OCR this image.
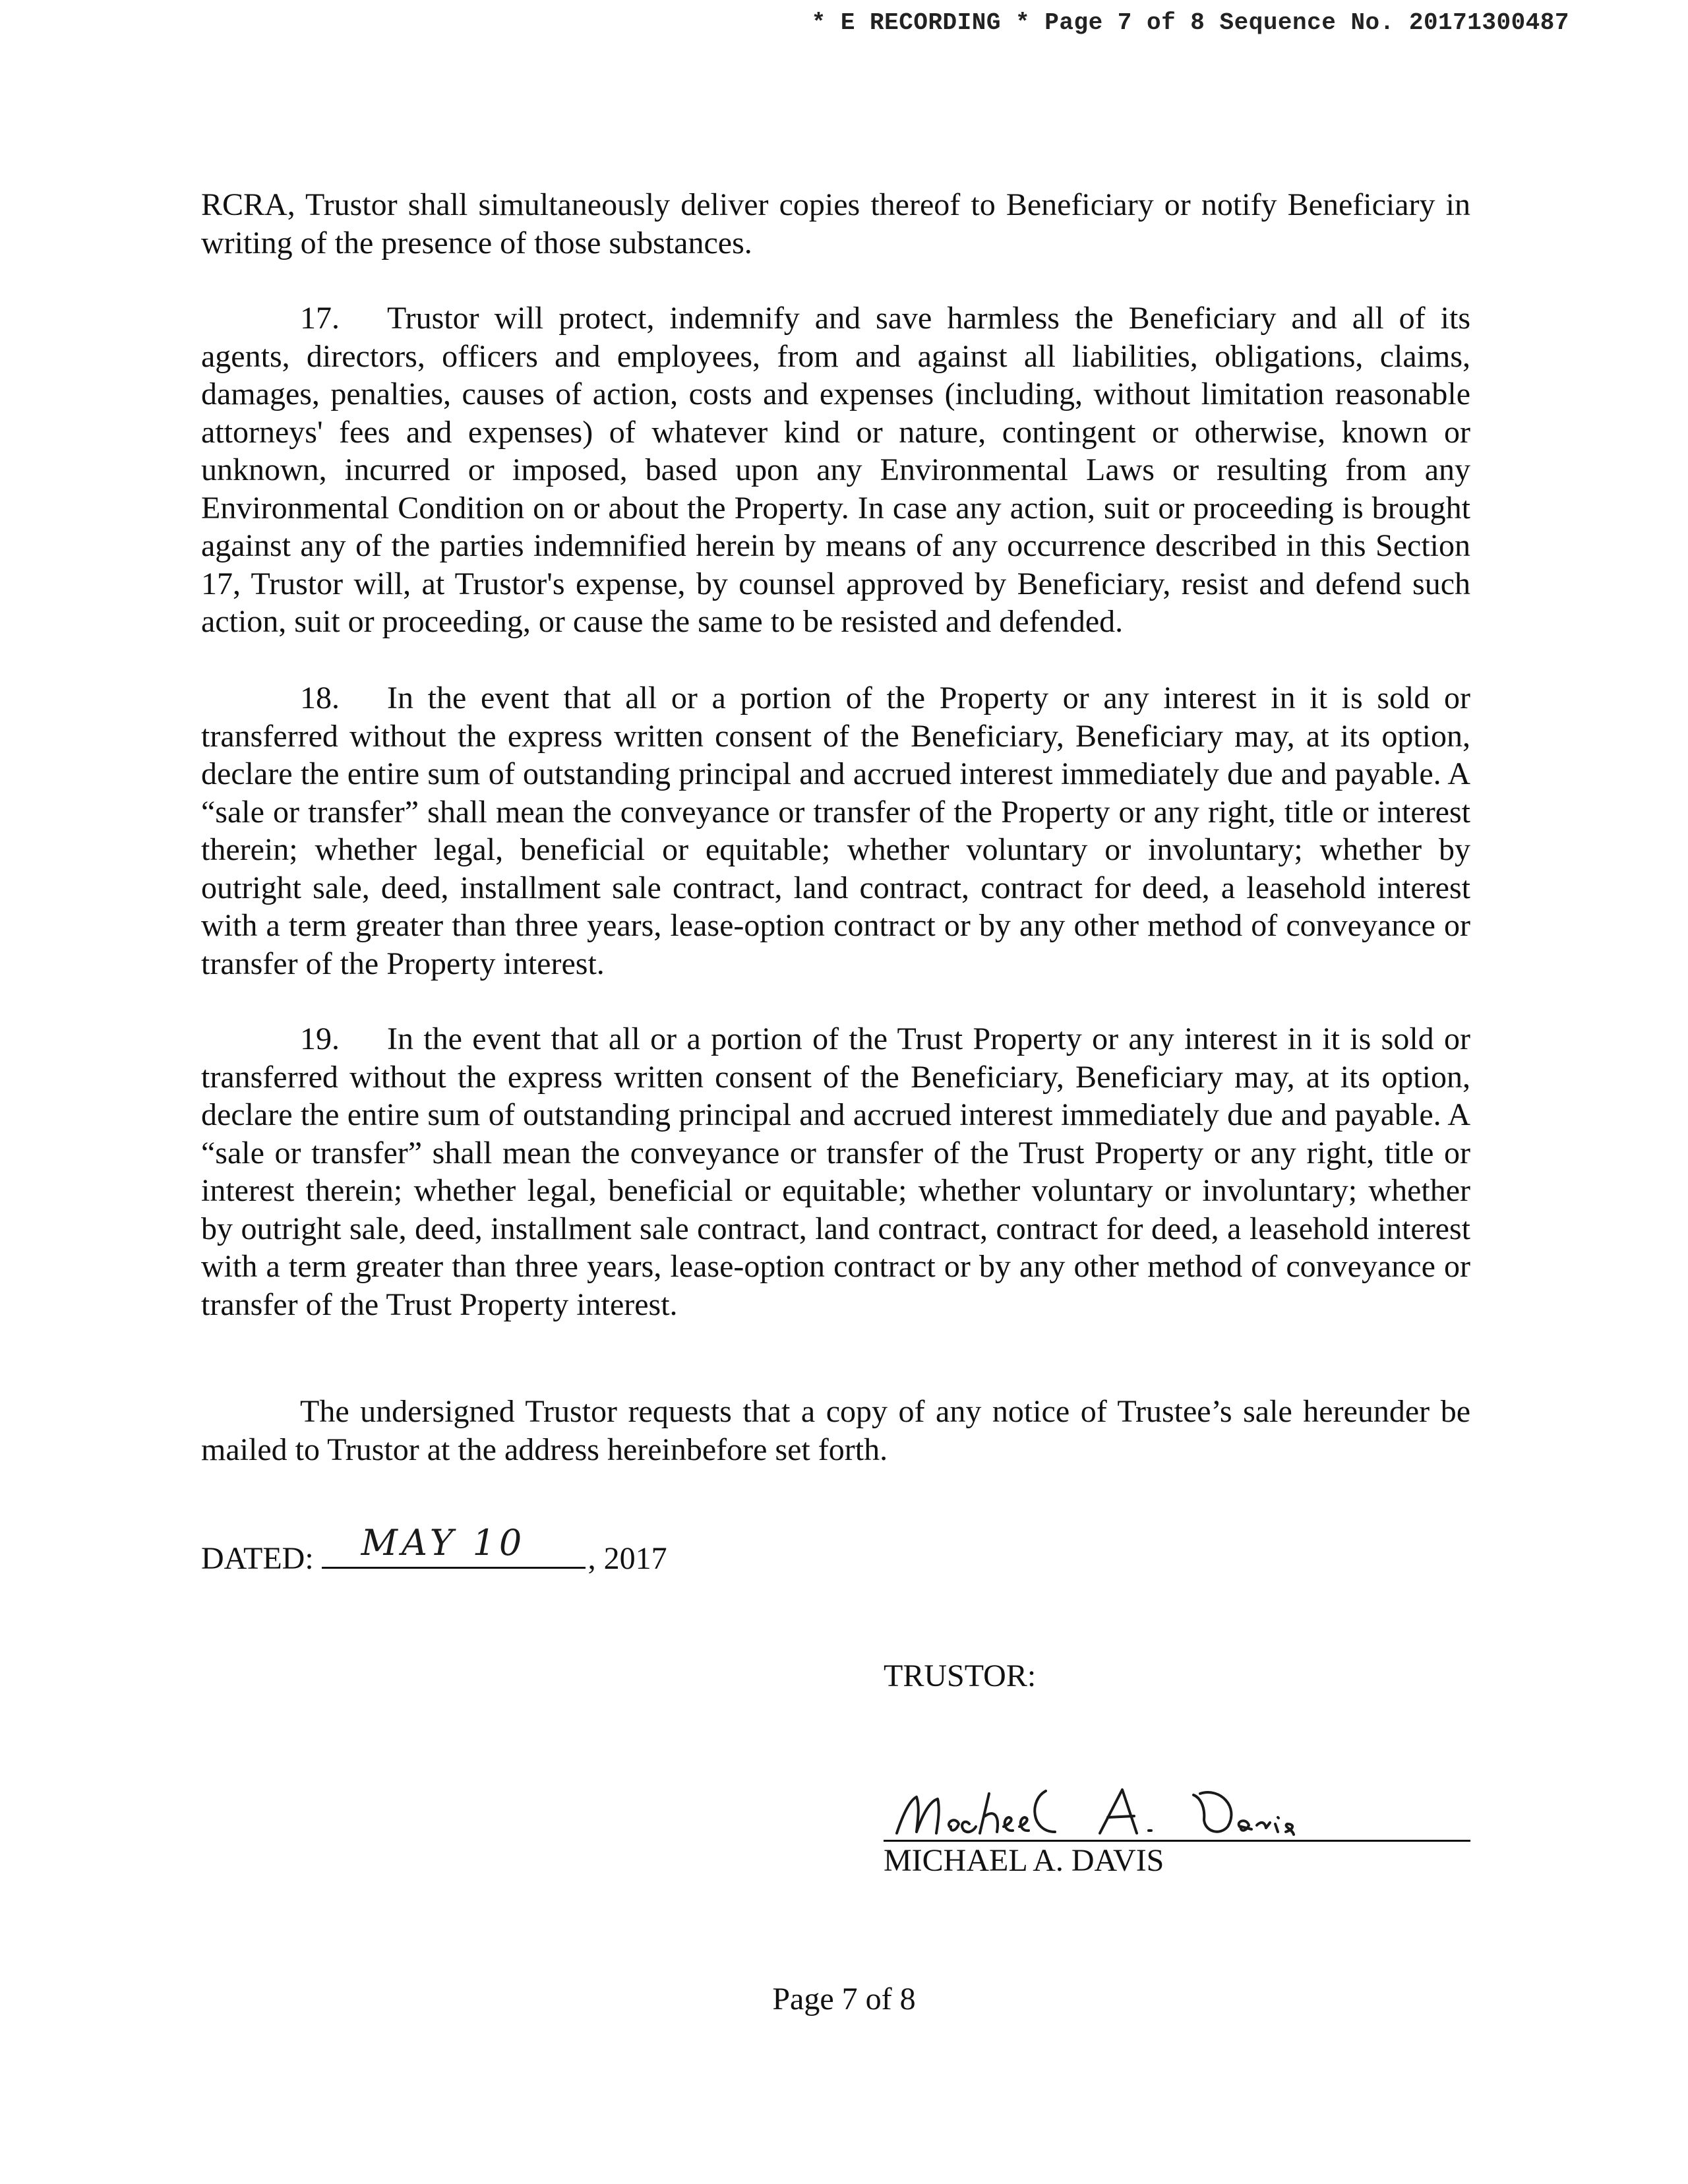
* E RECORDING * Page 7 of 8 Sequence No. 20171300487

RCRA, Trustor shall simultaneously deliver copies thereof to Beneficiary or notify Beneficiary in writing of the presence of those substances.

17.  Trustor will protect, indemnify and save harmless the Beneficiary and all of its agents, directors, officers and employees, from and against all liabilities, obligations, claims, damages, penalties, causes of action, costs and expenses (including, without limitation reasonable attorneys' fees and expenses) of whatever kind or nature, contingent or otherwise, known or unknown, incurred or imposed, based upon any Environmental Laws or resulting from any Environmental Condition on or about the Property. In case any action, suit or proceeding is brought against any of the parties indemnified herein by means of any occurrence described in this Section 17, Trustor will, at Trustor's expense, by counsel approved by Beneficiary, resist and defend such action, suit or proceeding, or cause the same to be resisted and defended.

18.  In the event that all or a portion of the Property or any interest in it is sold or transferred without the express written consent of the Beneficiary, Beneficiary may, at its option, declare the entire sum of outstanding principal and accrued interest immediately due and payable. A “sale or transfer” shall mean the conveyance or transfer of the Property or any right, title or interest therein; whether legal, beneficial or equitable; whether voluntary or involuntary; whether by outright sale, deed, installment sale contract, land contract, contract for deed, a leasehold interest with a term greater than three years, lease-option contract or by any other method of conveyance or transfer of the Property interest.

19.  In the event that all or a portion of the Trust Property or any interest in it is sold or transferred without the express written consent of the Beneficiary, Beneficiary may, at its option, declare the entire sum of outstanding principal and accrued interest immediately due and payable. A “sale or transfer” shall mean the conveyance or transfer of the Trust Property or any right, title or interest therein; whether legal, beneficial or equitable; whether voluntary or involuntary; whether by outright sale, deed, installment sale contract, land contract, contract for deed, a leasehold interest with a term greater than three years, lease-option contract or by any other method of conveyance or transfer of the Trust Property interest.

The undersigned Trustor requests that a copy of any notice of Trustee’s sale hereunder be mailed to Trustor at the address hereinbefore set forth.

DATED: MAY 10 , 2017
TRUSTOR:
MICHAEL A. DAVIS
Page 7 of 8
